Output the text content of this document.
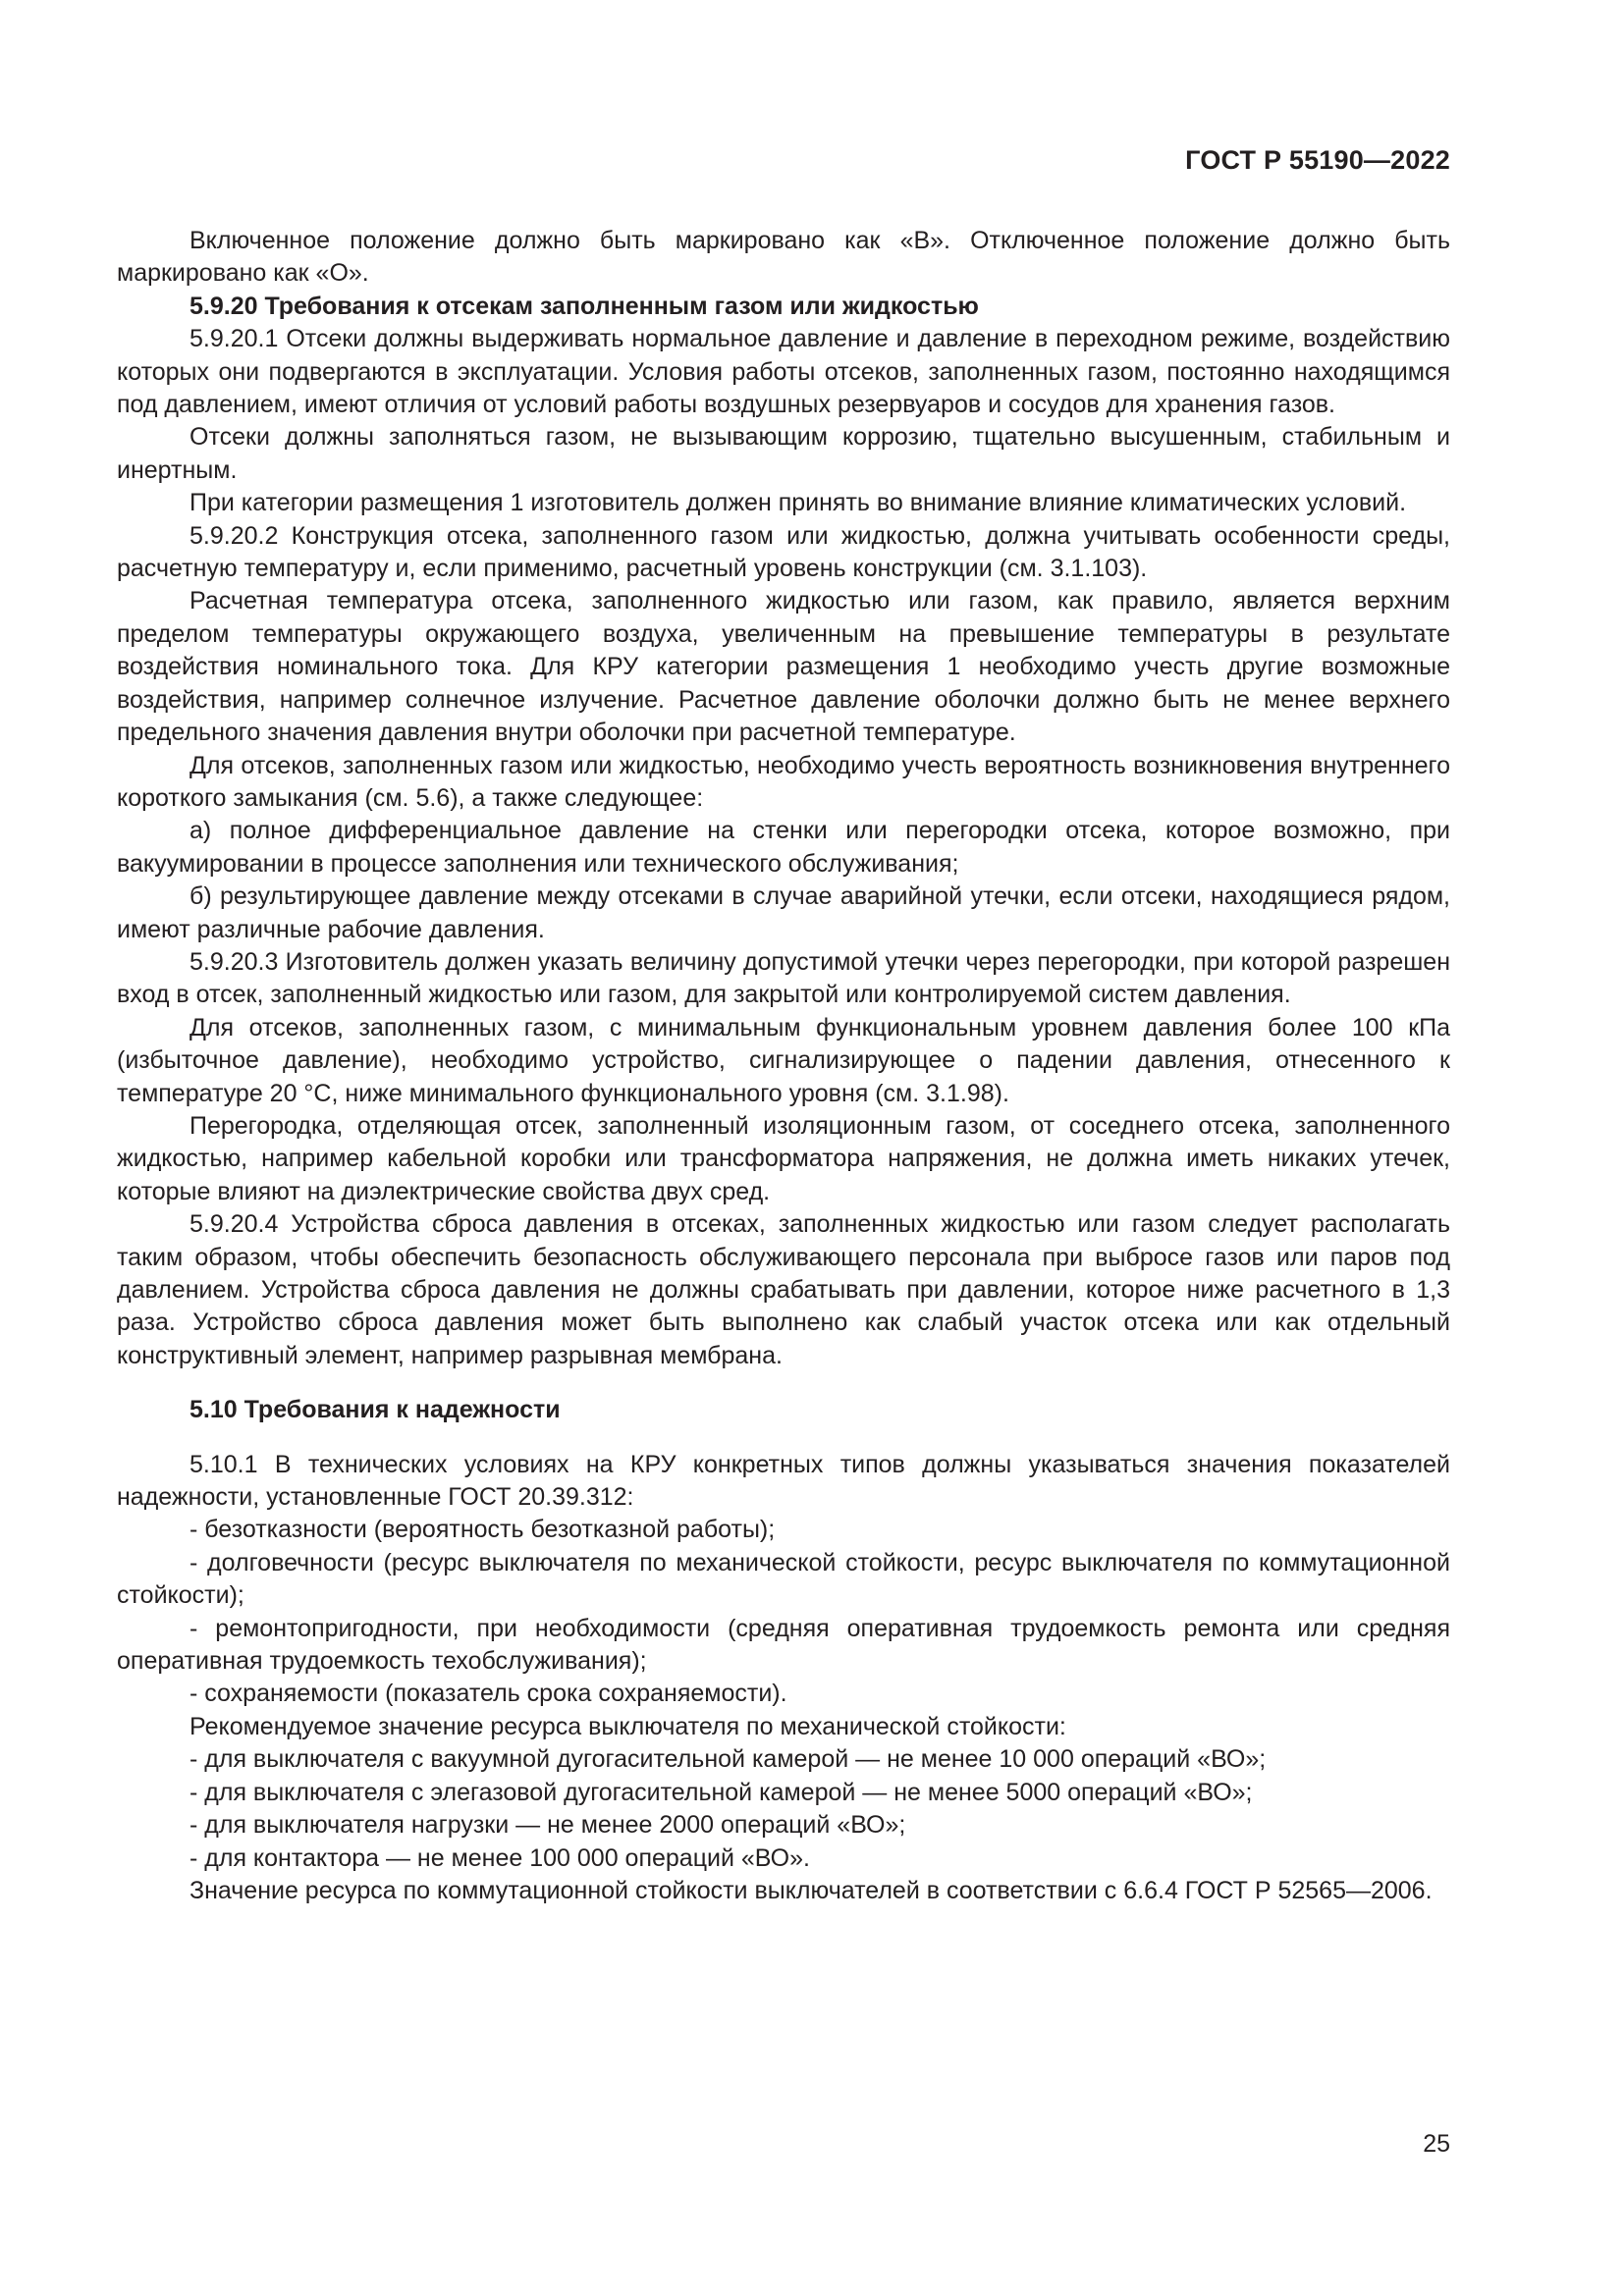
ГОСТ Р 55190—2022

Включенное положение должно быть маркировано как «В». Отключенное положение должно быть маркировано как «О».

5.9.20 Требования к отсекам заполненным газом или жидкостью

5.9.20.1 Отсеки должны выдерживать нормальное давление и давление в переходном режиме, воздействию которых они подвергаются в эксплуатации. Условия работы отсеков, заполненных газом, постоянно находящимся под давлением, имеют отличия от условий работы воздушных резервуаров и сосудов для хранения газов.

Отсеки должны заполняться газом, не вызывающим коррозию, тщательно высушенным, стабильным и инертным.

При категории размещения 1 изготовитель должен принять во внимание влияние климатических условий.

5.9.20.2 Конструкция отсека, заполненного газом или жидкостью, должна учитывать особенности среды, расчетную температуру и, если применимо, расчетный уровень конструкции (см. 3.1.103).

Расчетная температура отсека, заполненного жидкостью или газом, как правило, является верхним пределом температуры окружающего воздуха, увеличенным на превышение температуры в результате воздействия номинального тока. Для КРУ категории размещения 1 необходимо учесть другие возможные воздействия, например солнечное излучение. Расчетное давление оболочки должно быть не менее верхнего предельного значения давления внутри оболочки при расчетной температуре.

Для отсеков, заполненных газом или жидкостью, необходимо учесть вероятность возникновения внутреннего короткого замыкания (см. 5.6), а также следующее:

а) полное дифференциальное давление на стенки или перегородки отсека, которое возможно, при вакуумировании в процессе заполнения или технического обслуживания;

б) результирующее давление между отсеками в случае аварийной утечки, если отсеки, находящиеся рядом, имеют различные рабочие давления.

5.9.20.3 Изготовитель должен указать величину допустимой утечки через перегородки, при которой разрешен вход в отсек, заполненный жидкостью или газом, для закрытой или контролируемой систем давления.

Для отсеков, заполненных газом, с минимальным функциональным уровнем давления более 100 кПа (избыточное давление), необходимо устройство, сигнализирующее о падении давления, отнесенного к температуре 20 °С, ниже минимального функционального уровня (см. 3.1.98).

Перегородка, отделяющая отсек, заполненный изоляционным газом, от соседнего отсека, заполненного жидкостью, например кабельной коробки или трансформатора напряжения, не должна иметь никаких утечек, которые влияют на диэлектрические свойства двух сред.

5.9.20.4 Устройства сброса давления в отсеках, заполненных жидкостью или газом следует располагать таким образом, чтобы обеспечить безопасность обслуживающего персонала при выбросе газов или паров под давлением. Устройства сброса давления не должны срабатывать при давлении, которое ниже расчетного в 1,3 раза. Устройство сброса давления может быть выполнено как слабый участок отсека или как отдельный конструктивный элемент, например разрывная мембрана.

5.10 Требования к надежности

5.10.1 В технических условиях на КРУ конкретных типов должны указываться значения показателей надежности, установленные ГОСТ 20.39.312:

- безотказности (вероятность безотказной работы);

- долговечности (ресурс выключателя по механической стойкости, ресурс выключателя по коммутационной стойкости);

- ремонтопригодности, при необходимости (средняя оперативная трудоемкость ремонта или средняя оперативная трудоемкость техобслуживания);

- сохраняемости (показатель срока сохраняемости).

Рекомендуемое значение ресурса выключателя по механической стойкости:

- для выключателя с вакуумной дугогасительной камерой — не менее 10 000 операций «ВО»;

- для выключателя с элегазовой дугогасительной камерой — не менее 5000 операций «ВО»;

- для выключателя нагрузки — не менее 2000 операций «ВО»;

- для контактора — не менее 100 000 операций «ВО».

Значение ресурса по коммутационной стойкости выключателей в соответствии с 6.6.4 ГОСТ Р 52565—2006.

25
